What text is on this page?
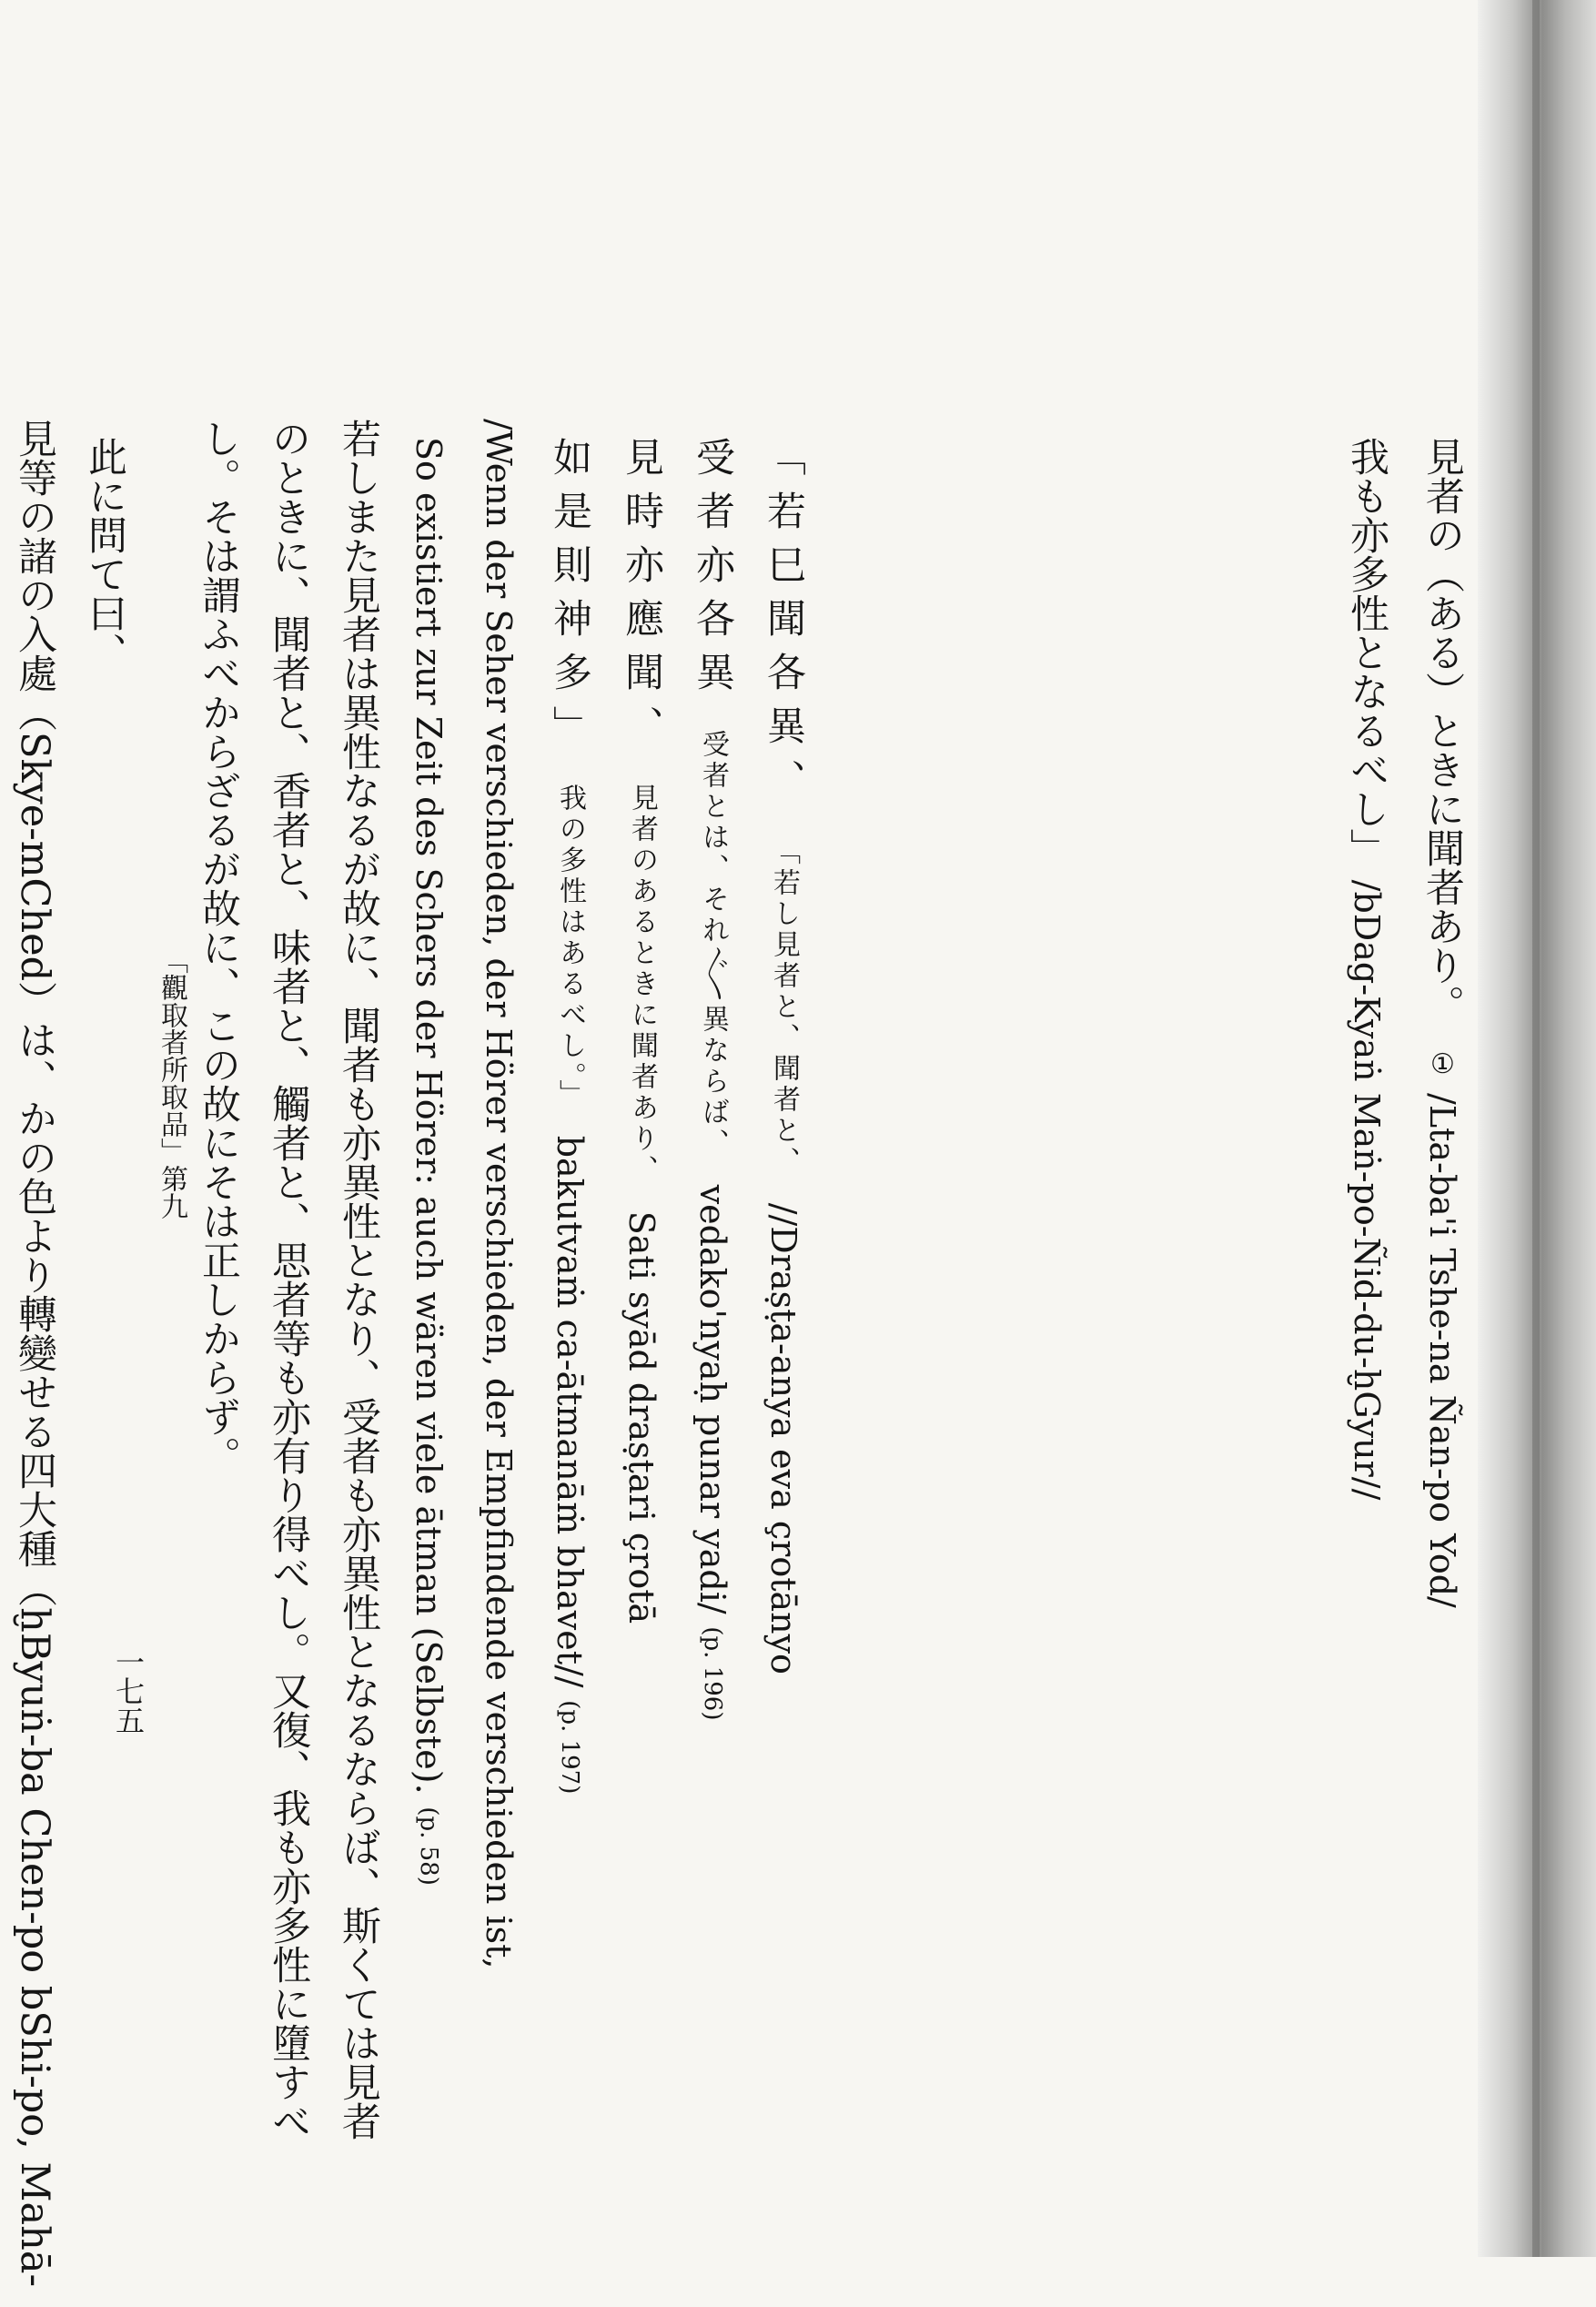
見者の（ある）ときに聞者あり。  ① /Lta-ba'i Tshe-na Ñan-po Yod/
我も亦多性となるべし」 /bDag-Kyaṅ Maṅ-po-Ñid-du-ḫGyur//
「若巳聞各異、  「若し見者と、聞者と、  //Draṣṭa-anya eva çrotānyo
受者亦各異  受者とは、それ〴〵異ならば、  vedako'nyaḥ punar yadi/ (p. 196)
見時亦應聞、  見者のあるときに聞者あり、  Sati syād draṣṭari çrotā
如是則神多」  我の多性はあるべし。」  bakutvaṁ ca-ātmanāṁ bhavet// (p. 197)
/Wenn der Seher verschieden, der Hörer verschieden, der Empfindende verschieden ist,
So existiert zur Zeit des Schers der Hörer: auch wären viele ātman (Selbste). (p. 58)
若しまた見者は異性なるが故に、聞者も亦異性となり、受者も亦異性となるならば、斯くては見者
のときに、聞者と、香者と、味者と、觸者と、思者等も亦有り得べし。又復、我も亦多性に墮すべ
し。そは謂ふべからざるが故に、この故にそは正しからず。
此に問て曰、
見等の諸の入處（Skye-mChed）は、かの色より轉變せる四大種（ḫByuṅ-ba Chen-po bShi-po, Mahā-	「觀取者所取品」第九
一七五
